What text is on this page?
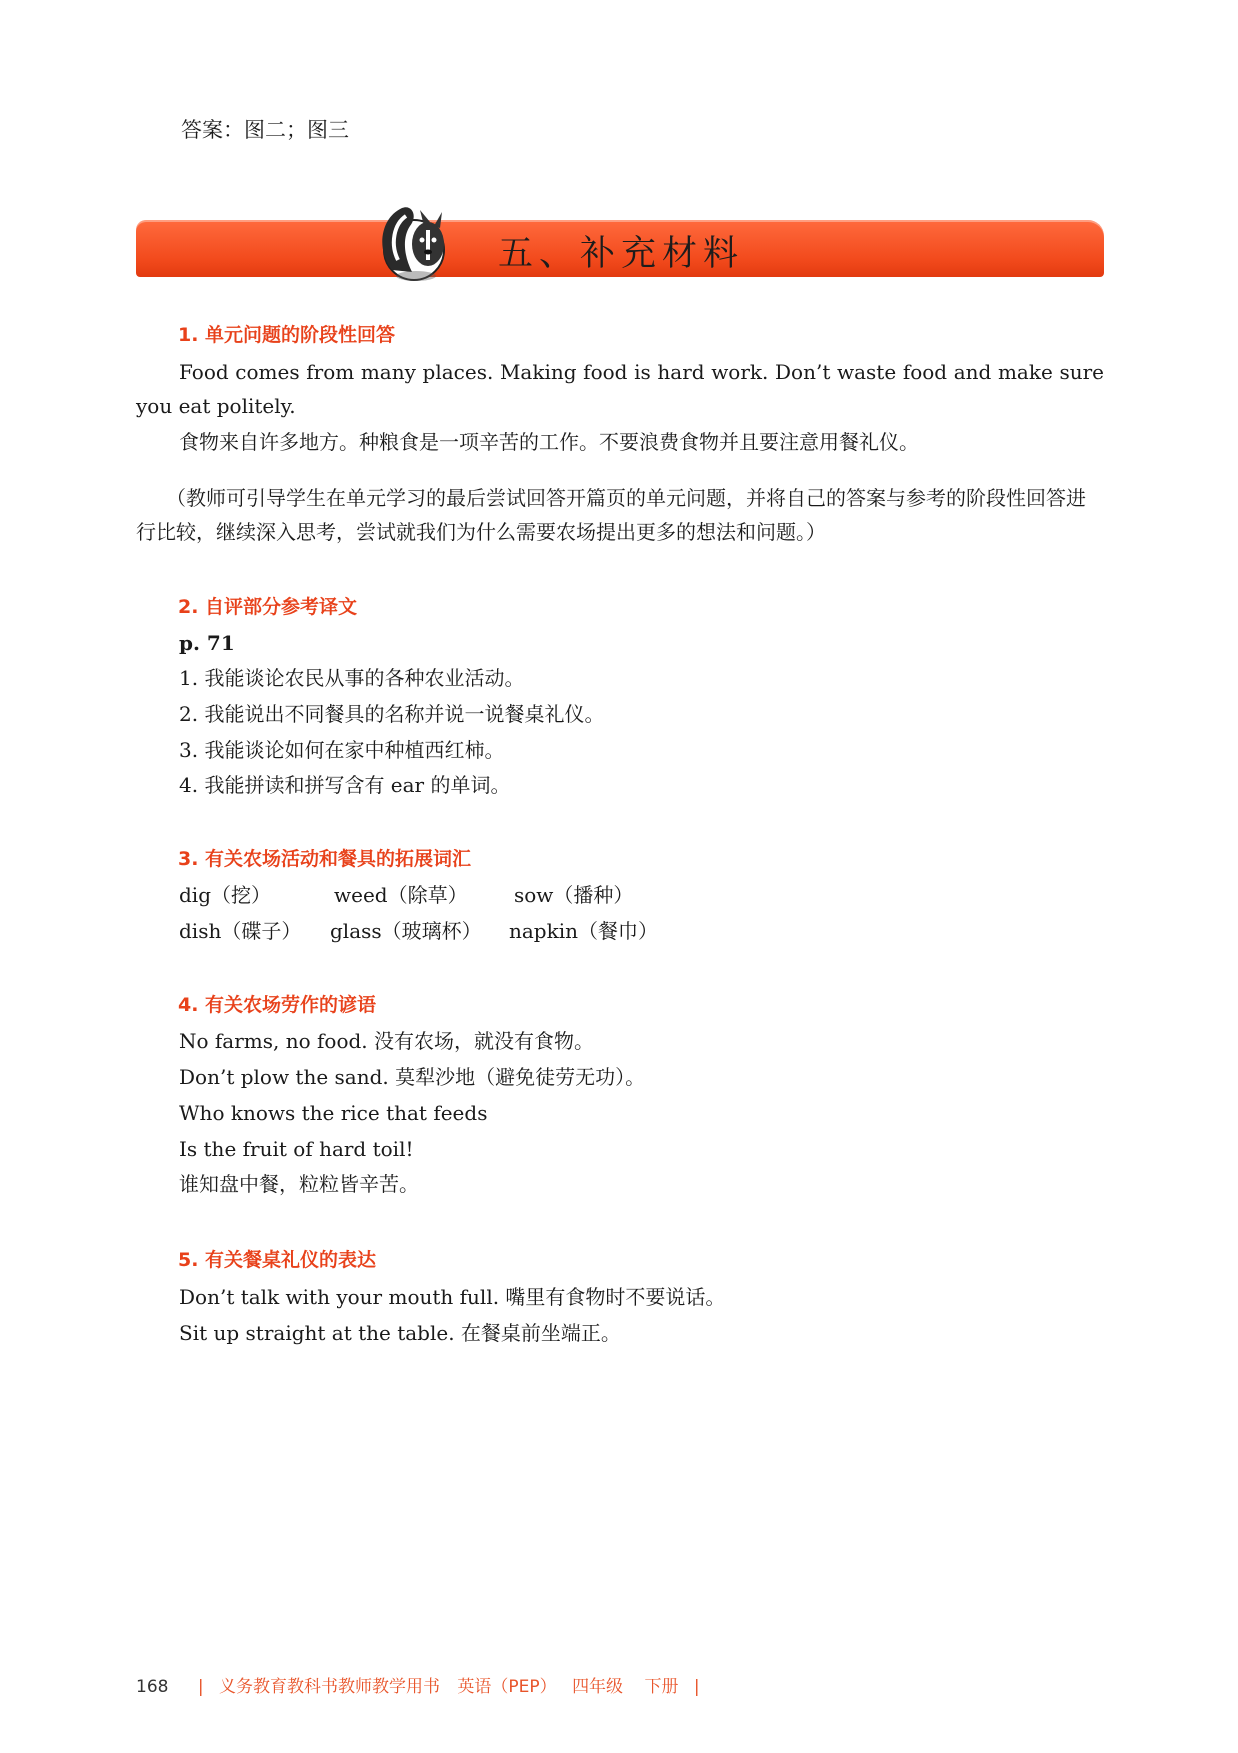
答案：图二；图三
五、补充材料
1. 单元问题的阶段性回答
Food comes from many places. Making food is hard work. Don’t waste food and make sure you eat politely.
食物来自许多地方。种粮食是一项辛苦的工作。不要浪费食物并且要注意用餐礼仪。
（教师可引导学生在单元学习的最后尝试回答开篇页的单元问题，并将自己的答案与参考的阶段性回答进行比较，继续深入思考，尝试就我们为什么需要农场提出更多的想法和问题。）
2. 自评部分参考译文
p. 71
1. 我能谈论农民从事的各种农业活动。
2. 我能说出不同餐具的名称并说一说餐桌礼仪。
3. 我能谈论如何在家中种植西红柿。
4. 我能拼读和拼写含有 ear 的单词。
3. 有关农场活动和餐具的拓展词汇
dig（挖）	weed（除草） sow（播种）
dish（碟子） glass（玻璃杯） napkin（餐巾）
4. 有关农场劳作的谚语
No farms, no food. 没有农场，就没有食物。
Don’t plow the sand. 莫犁沙地（避免徒劳无功）。
Who knows the rice that feeds
Is the fruit of hard toil!
谁知盘中餐，粒粒皆辛苦。
5. 有关餐桌礼仪的表达
Don’t talk with your mouth full. 嘴里有食物时不要说话。
Sit up straight at the table. 在餐桌前坐端正。
168 | 义务教育教科书教师教学用书 英语（PEP） 四年级 下册 |
